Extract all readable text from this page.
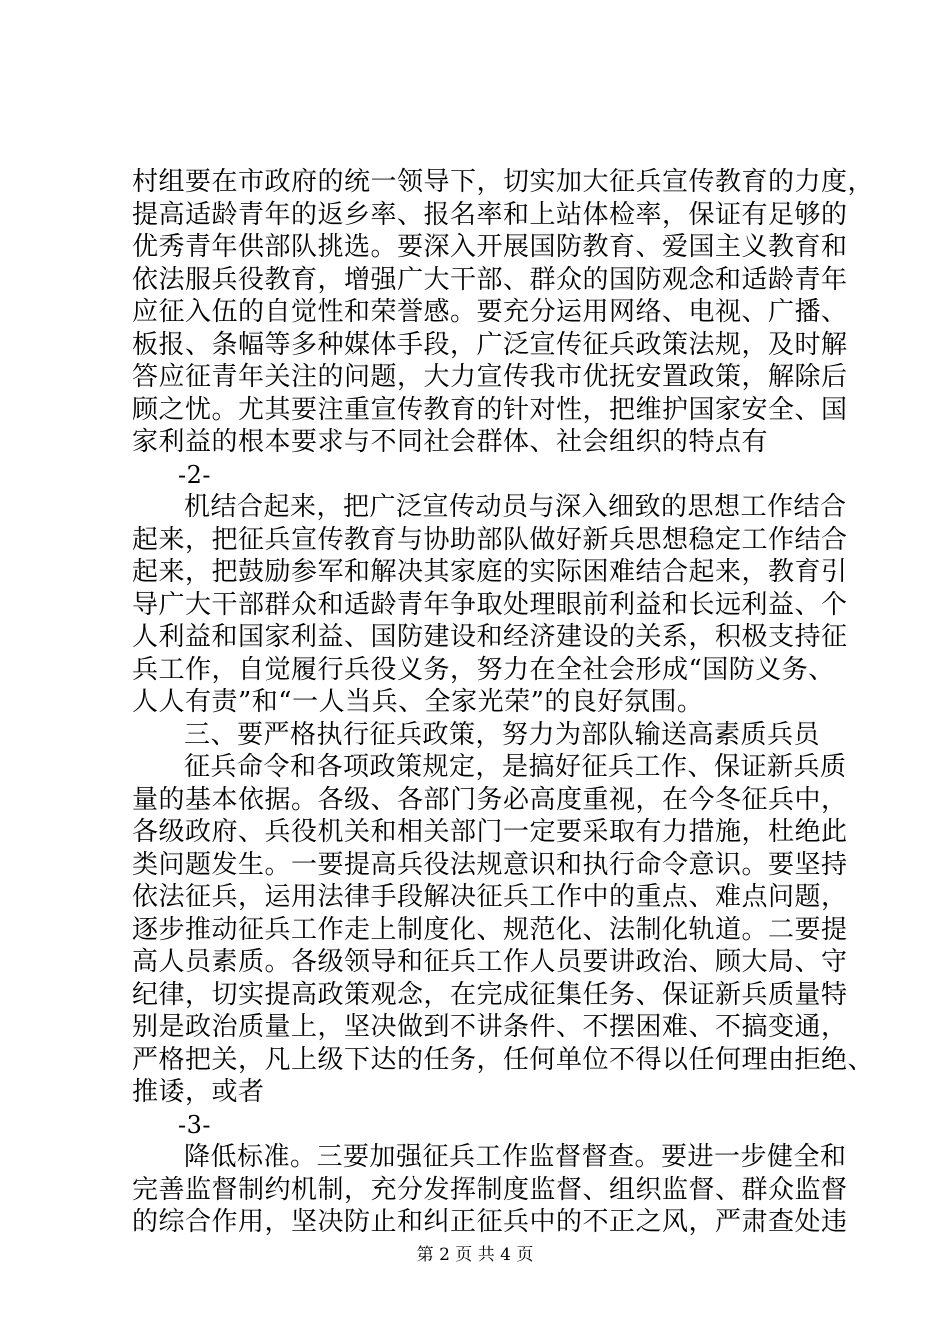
村组要在市政府的统一领导下，切实加大征兵宣传教育的力度，
提高适龄青年的返乡率、报名率和上站体检率，保证有足够的
优秀青年供部队挑选。要深入开展国防教育、爱国主义教育和
依法服兵役教育，增强广大干部、群众的国防观念和适龄青年
应征入伍的自觉性和荣誉感。要充分运用网络、电视、广播、
板报、条幅等多种媒体手段，广泛宣传征兵政策法规，及时解
答应征青年关注的问题，大力宣传我市优抚安置政策，解除后
顾之忧。尤其要注重宣传教育的针对性，把维护国家安全、国
家利益的根本要求与不同社会群体、社会组织的特点有
-2-
机结合起来，把广泛宣传动员与深入细致的思想工作结合
起来，把征兵宣传教育与协助部队做好新兵思想稳定工作结合
起来，把鼓励参军和解决其家庭的实际困难结合起来，教育引
导广大干部群众和适龄青年争取处理眼前利益和长远利益、个
人利益和国家利益、国防建设和经济建设的关系，积极支持征
兵工作，自觉履行兵役义务，努力在全社会形成“国防义务、
人人有责”和“一人当兵、全家光荣”的良好氛围。
三、要严格执行征兵政策，努力为部队输送高素质兵员
征兵命令和各项政策规定，是搞好征兵工作、保证新兵质
量的基本依据。各级、各部门务必高度重视，在今冬征兵中，
各级政府、兵役机关和相关部门一定要采取有力措施，杜绝此
类问题发生。一要提高兵役法规意识和执行命令意识。要坚持
依法征兵，运用法律手段解决征兵工作中的重点、难点问题，
逐步推动征兵工作走上制度化、规范化、法制化轨道。二要提
高人员素质。各级领导和征兵工作人员要讲政治、顾大局、守
纪律，切实提高政策观念，在完成征集任务、保证新兵质量特
别是政治质量上，坚决做到不讲条件、不摆困难、不搞变通，
严格把关，凡上级下达的任务，任何单位不得以任何理由拒绝、
推诿，或者
-3-
降低标准。三要加强征兵工作监督督查。要进一步健全和
完善监督制约机制，充分发挥制度监督、组织监督、群众监督
的综合作用，坚决防止和纠正征兵中的不正之风，严肃查处违
第 2 页 共 4 页
